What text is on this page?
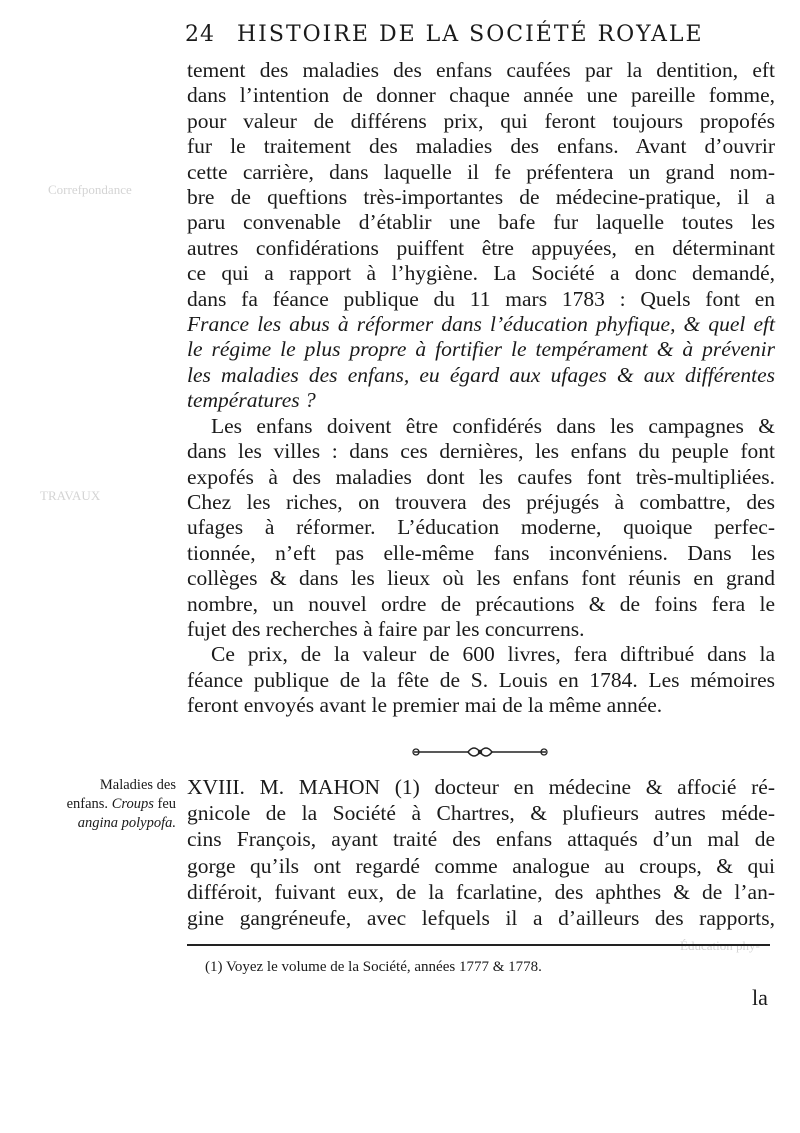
Correfpondance
TRAVAUX
24 HISTOIRE DE LA SOCIÉTÉ ROYALE
tement des maladies des enfans caufées par la dentition, eft
dans l’intention de donner chaque année une pareille fomme,
pour valeur de différens prix, qui feront toujours propofés
fur le traitement des maladies des enfans. Avant d’ouvrir
cette carrière, dans laquelle il fe préfentera un grand nom-
bre de queftions très-importantes de médecine-pratique, il a
paru convenable d’établir une bafe fur laquelle toutes les
autres confidérations puiffent être appuyées, en déterminant
ce qui a rapport à l’hygiène. La Société a donc demandé,
dans fa féance publique du 11 mars 1783 : Quels font en
France les abus à réformer dans l’éducation phyfique, & quel eft
le régime le plus propre à fortifier le tempérament & à prévenir
les maladies des enfans, eu égard aux ufages & aux différentes
températures ?
Les enfans doivent être confidérés dans les campagnes &
dans les villes : dans ces dernières, les enfans du peuple font
expofés à des maladies dont les caufes font très-multipliées.
Chez les riches, on trouvera des préjugés à combattre, des
ufages à réformer. L’éducation moderne, quoique perfec-
tionnée, n’eft pas elle-même fans inconvéniens. Dans les
collèges & dans les lieux où les enfans font réunis en grand
nombre, un nouvel ordre de précautions & de foins fera le
fujet des recherches à faire par les concurrens.
Ce prix, de la valeur de 600 livres, fera diftribué dans la
féance publique de la fête de S. Louis en 1784. Les mémoires
feront envoyés avant le premier mai de la même année.
Maladies des
enfans. Croups feu
angina polypofa.
XVIII. M. MAHON (1) docteur en médecine & affocié ré-
gnicole de la Société à Chartres, & plufieurs autres méde-
cins François, ayant traité des enfans attaqués d’un mal de
gorge qu’ils ont regardé comme analogue au croups, & qui
différoit, fuivant eux, de la fcarlatine, des aphthes & de l’an-
gine gangréneufe, avec lefquels il a d’ailleurs des rapports,
(1) Voyez le volume de la Société, années 1777 & 1778.
la
